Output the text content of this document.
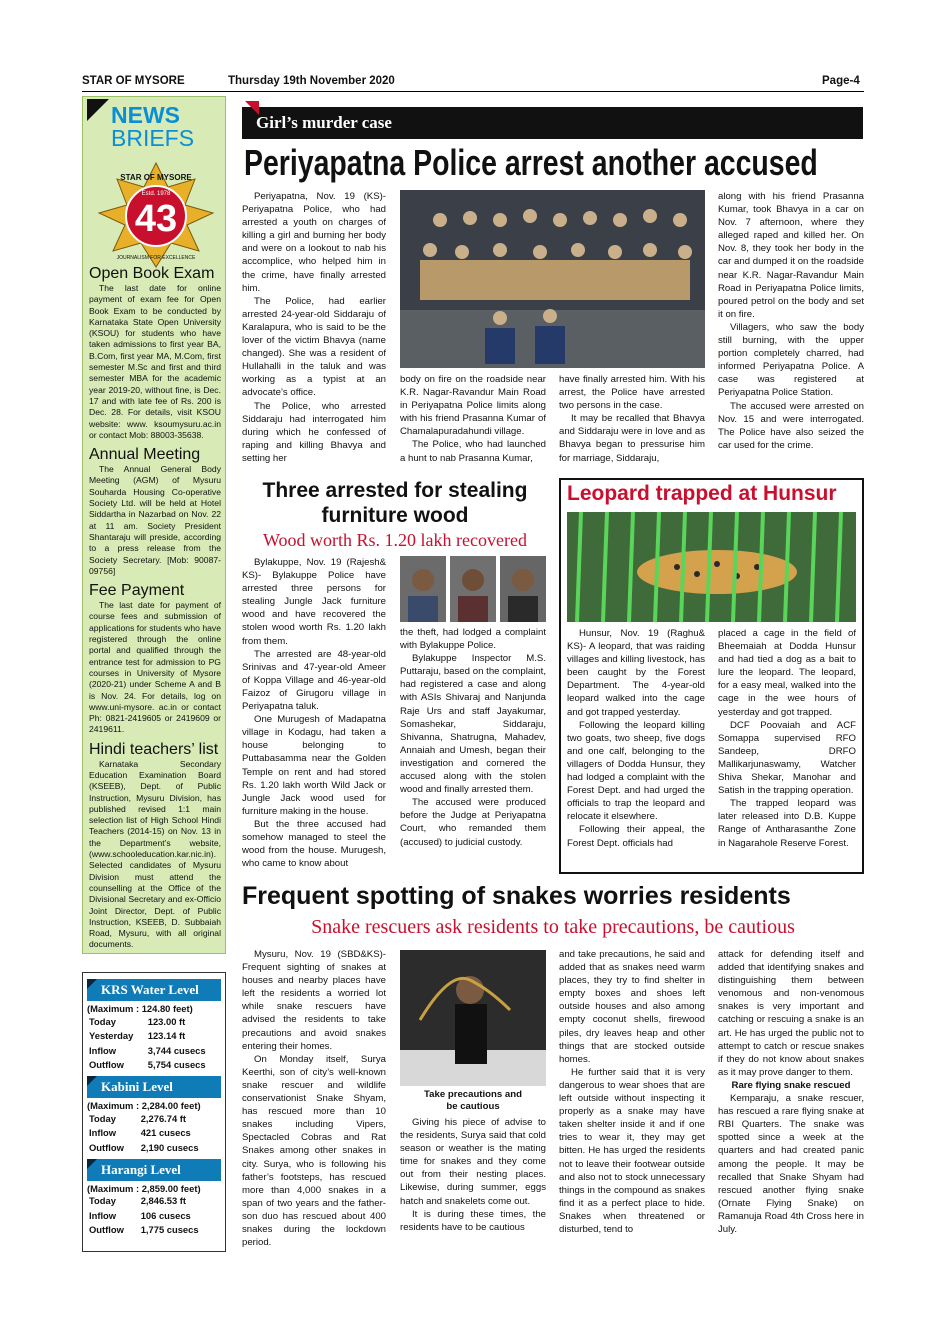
STAR OF MYSORE	Thursday 19th November 2020	Page-4
NEWS
BRIEFS
STAR OF MYSORE
Estd. 1978
43
JOURNALISM FOR EXCELLENCE
Open Book Exam
The last date for online payment of exam fee for Open Book Exam to be conducted by Karnataka State Open University (KSOU) for students who have taken admissions to first year BA, B.Com, first year MA, M.Com, first semester M.Sc and first and third semester MBA for the academic year 2019-20, without fine, is Dec. 17 and with late fee of Rs. 200 is Dec. 28. For details, visit KSOU website: www. ksoumysuru.ac.in or contact Mob: 88003-35638.
Annual Meeting
The Annual General Body Meeting (AGM) of Mysuru Souharda Housing Co-operative Society Ltd. will be held at Hotel Siddartha in Nazarbad on Nov. 22 at 11 am. Society President Shantaraju will preside, according to a press release from the Society Secretary. [Mob: 90087-09756]
Fee Payment
The last date for payment of course fees and submission of applications for students who have registered through the online portal and qualified through the entrance test for admission to PG courses in University of Mysore (2020-21) under Scheme A and B is Nov. 24. For details, log on www.uni-mysore. ac.in or contact Ph: 0821-2419605 or 2419609 or 2419611.
Hindi teachers’ list
Karnataka Secondary Education Examination Board (KSEEB), Dept. of Public Instruction, Mysuru Division, has published revised 1:1 main selection list of High School Hindi Teachers (2014-15) on Nov. 13 in the Department’s website, (www.schooleducation.kar.nic.in). Selected candidates of Mysuru Division must attend the counselling at the Office of the Divisional Secretary and ex-Officio Joint Director, Dept. of Public Instruction, KSEEB, D. Subbaiah Road, Mysuru, with all original documents.
KRS Water Level
(Maximum : 124.80 feet)
Today	123.00 ft
Yesterday	123.14 ft
Inflow	3,744 cusecs
Outflow	5,754 cusecs
Kabini Level
(Maximum : 2,284.00 feet)
Today	2,276.74 ft
Inflow	421 cusecs
Outflow	2,190 cusecs
Harangi Level
(Maximum : 2,859.00 feet)
Today	2,846.53 ft
Inflow	106 cusecs
Outflow	1,775 cusecs
Girl’s murder case
Periyapatna Police arrest another accused

Periyapatna, Nov. 19 (KS)- Periyapatna Police, who had arrested a youth on charges of killing a girl and burning her body and were on a lookout to nab his accomplice, who helped him in the crime, have finally arrested him.

The Police, had earlier arrested 24-year-old Siddaraju of Karalapura, who is said to be the lover of the victim Bhavya (name changed). She was a resident of Hullahalli in the taluk and was working as a typist at an advocate’s office.

The Police, who arrested Siddaraju had interrogated him during which he confessed of raping and killing Bhavya and setting her

body on fire on the roadside near K.R. Nagar-Ravandur Main Road in Periyapatna Police limits along with his friend Prasanna Kumar of Chamalapuradahundi village.

The Police, who had launched a hunt to nab Prasanna Kumar,

have finally arrested him. With his arrest, the Police have arrested two persons in the case.

It may be recalled that Bhavya and Siddaraju were in love and as Bhavya began to pressurise him for marriage, Siddaraju,

along with his friend Prasanna Kumar, took Bhavya in a car on Nov. 7 afternoon, where they alleged raped and killed her. On Nov. 8, they took her body in the car and dumped it on the roadside near K.R. Nagar-Ravandur Main Road in Periyapatna Police limits, poured petrol on the body and set it on fire.

Villagers, who saw the body still burning, with the upper portion completely charred, had informed Periyapatna Police. A case was registered at Periyapatna Police Station.

The accused were arrested on Nov. 15 and were interrogated. The Police have also seized the car used for the crime.

Three arrested for stealing
furniture wood
Wood worth Rs. 1.20 lakh recovered

Bylakuppe, Nov. 19 (Rajesh& KS)- Bylakuppe Police have arrested three persons for stealing Jungle Jack furniture wood and have recovered the stolen wood worth Rs. 1.20 lakh from them.

The arrested are 48-year-old Srinivas and 47-year-old Ameer of Koppa Village and 46-year-old Faizoz of Girugoru village in Periyapatna taluk.

One Murugesh of Madapatna village in Kodagu, had taken a house belonging to Puttabasamma near the Golden Temple on rent and had stored Rs. 1.20 lakh worth Wild Jack or Jungle Jack wood used for furniture making in the house.

But the three accused had somehow managed to steel the wood from the house. Murugesh, who came to know about

the theft, had lodged a complaint with Bylakuppe Police.

Bylakuppe Inspector M.S. Puttaraju, based on the complaint, had registered a case and along with ASIs Shivaraj and Nanjunda Raje Urs and staff Jayakumar, Somashekar, Siddaraju, Shivanna, Shatrugna, Mahadev, Annaiah and Umesh, began their investigation and cornered the accused along with the stolen wood and finally arrested them.

The accused were produced before the Judge at Periyapatna Court, who remanded them (accused) to judicial custody.

Leopard trapped at Hunsur

Hunsur, Nov. 19 (Raghu& KS)- A leopard, that was raiding villages and killing livestock, has been caught by the Forest Department. The 4-year-old leopard walked into the cage and got trapped yesterday.

Following the leopard killing two goats, two sheep, five dogs and one calf, belonging to the villagers of Dodda Hunsur, they had lodged a complaint with the Forest Dept. and had urged the officials to trap the leopard and relocate it elsewhere.

Following their appeal, the Forest Dept. officials had

placed a cage in the field of Bheemaiah at Dodda Hunsur and had tied a dog as a bait to lure the leopard. The leopard, for a easy meal, walked into the cage in the wee hours of yesterday and got trapped.

DCF Poovaiah and ACF Somappa supervised RFO Sandeep, DRFO Mallikarjunaswamy, Watcher Shiva Shekar, Manohar and Satish in the trapping operation.

The trapped leopard was later released into D.B. Kuppe Range of Antharasanthe Zone in Nagarahole Reserve Forest.

Frequent spotting of snakes worries residents
Snake rescuers ask residents to take precautions, be cautious

Mysuru, Nov. 19 (SBD&KS)- Frequent sighting of snakes at houses and nearby places have left the residents a worried lot while snake rescuers have advised the residents to take precautions and avoid snakes entering their homes.

On Monday itself, Surya Keerthi, son of city’s well-known snake rescuer and wildlife conservationist Snake Shyam, has rescued more than 10 snakes including Vipers, Spectacled Cobras and Rat Snakes among other snakes in city. Surya, who is following his father’s footsteps, has rescued more than 4,000 snakes in a span of two years and the father-son duo has rescued about 400 snakes during the lockdown period.

Take precautions and
be cautious

Giving his piece of advise to the residents, Surya said that cold season or weather is the mating time for snakes and they come out from their nesting places. Likewise, during summer, eggs hatch and snakelets come out.

It is during these times, the residents have to be cautious

and take precautions, he said and added that as snakes need warm places, they try to find shelter in empty boxes and shoes left outside houses and also among empty coconut shells, firewood piles, dry leaves heap and other things that are stocked outside homes.

He further said that it is very dangerous to wear shoes that are left outside without inspecting it properly as a snake may have taken shelter inside it and if one tries to wear it, they may get bitten. He has urged the residents not to leave their footwear outside and also not to stock unnecessary things in the compound as snakes find it as a perfect place to hide. Snakes when threatened or disturbed, tend to

attack for defending itself and added that identifying snakes and distinguishing them between venomous and non-venomous snakes is very important and catching or rescuing a snake is an art. He has urged the public not to attempt to catch or rescue snakes if they do not know about snakes as it may prove danger to them.

Rare flying snake rescued

Kemparaju, a snake rescuer, has rescued a rare flying snake at RBI Quarters. The snake was spotted since a week at the quarters and had created panic among the people. It may be recalled that Snake Shyam had rescued another flying snake (Ornate Flying Snake) on Ramanuja Road 4th Cross here in July.
